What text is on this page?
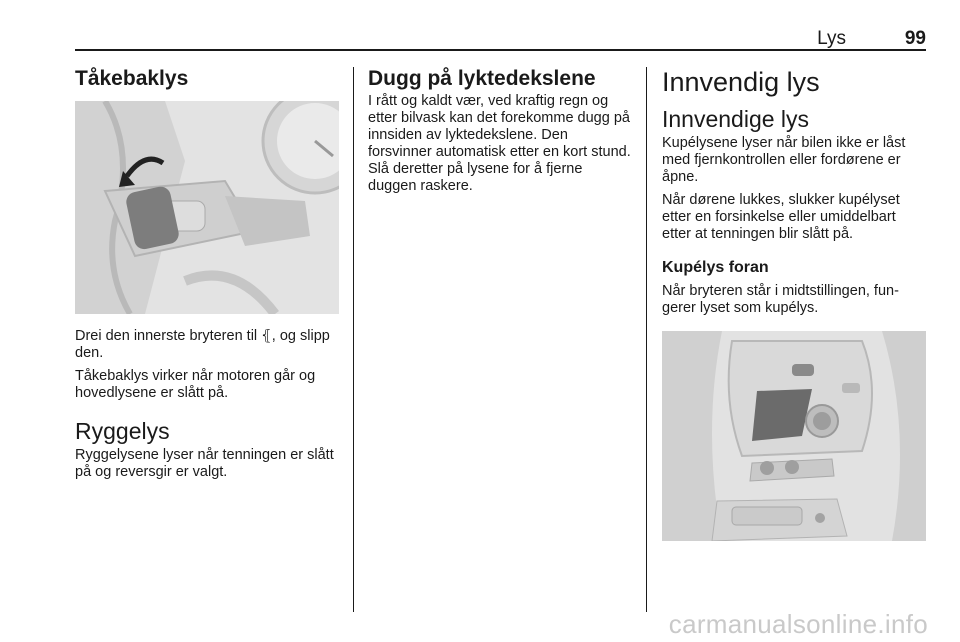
Lys	99
Tåkebaklys

Drei den innerste bryteren til ⦃, og slipp den.

Tåkebaklys virker når motoren går og hovedlysene er slått på.

Ryggelys

Ryggelysene lyser når tenningen er slått på og reversgir er valgt.

Dugg på lyktedekslene

I rått og kaldt vær, ved kraftig regn og etter bilvask kan det forekomme dugg på innsiden av lyktedekslene. Den forsvinner automatisk etter en kort stund. Slå deretter på lysene for å fjerne duggen raskere.

Innvendig lys
Innvendige lys

Kupélysene lyser når bilen ikke er låst med fjernkontrollen eller fordørene er åpne.

Når dørene lukkes, slukker kupélyset etter en forsinkelse eller umiddelbart etter at tenningen blir slått på.

Kupélys foran

Når bryteren står i midtstillingen, fun- gerer lyset som kupélys.

carmanualsonline.info
